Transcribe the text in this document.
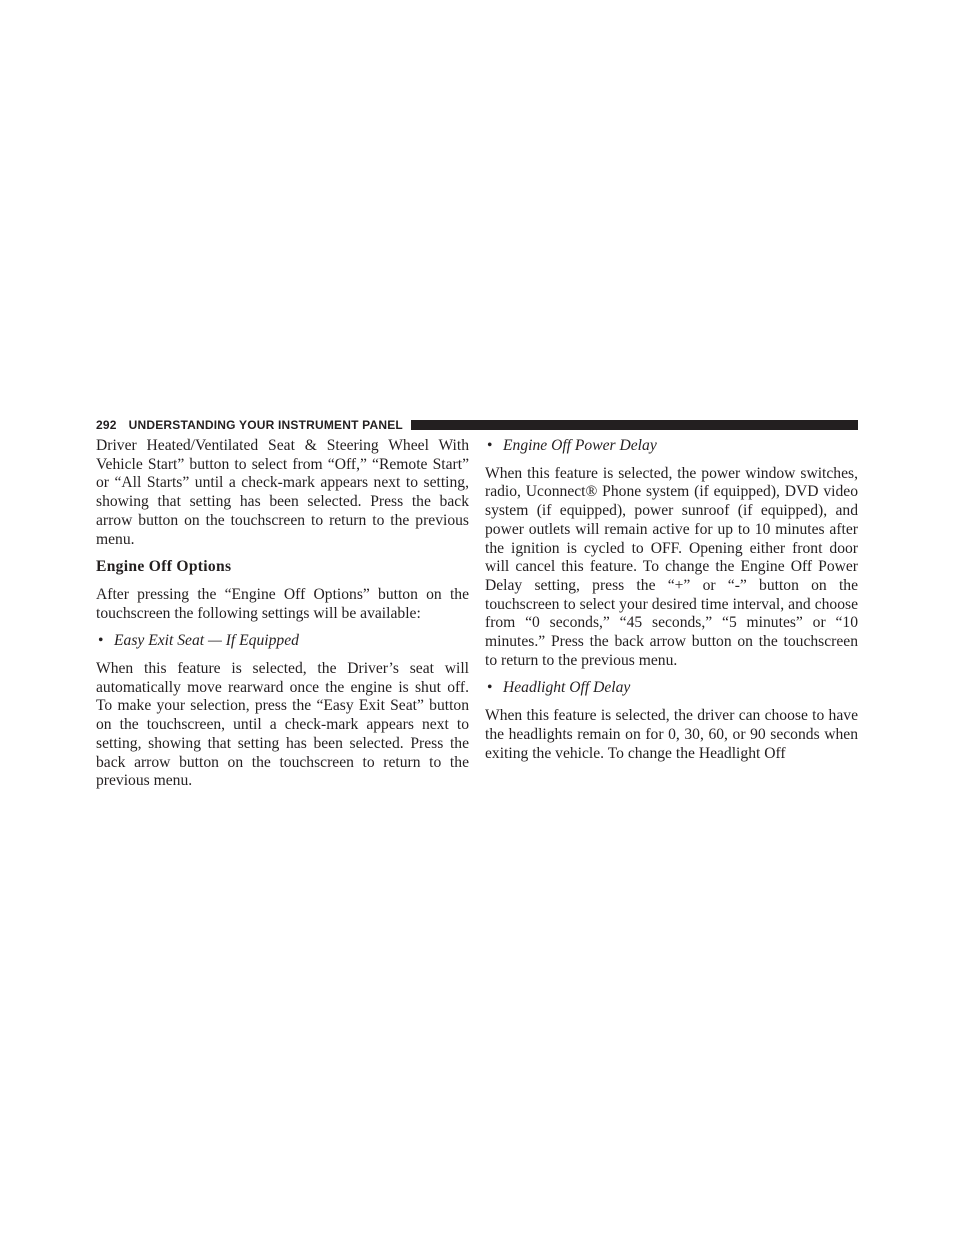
292 UNDERSTANDING YOUR INSTRUMENT PANEL

Driver Heated/Ventilated Seat & Steering Wheel With Vehicle Start” button to select from “Off,” “Remote Start” or “All Starts” until a check-mark appears next to setting, showing that setting has been selected. Press the back arrow button on the touchscreen to return to the previous menu.

Engine Off Options

After pressing the “Engine Off Options” button on the touchscreen the following settings will be available:

• Easy Exit Seat — If Equipped

When this feature is selected, the Driver’s seat will automatically move rearward once the engine is shut off. To make your selection, press the “Easy Exit Seat” button on the touchscreen, until a check-mark appears next to setting, showing that setting has been selected. Press the back arrow button on the touchscreen to return to the previous menu.

• Engine Off Power Delay

When this feature is selected, the power window switches, radio, Uconnect® Phone system (if equipped), DVD video system (if equipped), power sunroof (if equipped), and power outlets will remain active for up to 10 minutes after the ignition is cycled to OFF. Opening either front door will cancel this feature. To change the Engine Off Power Delay setting, press the “+” or “-” button on the touchscreen to select your desired time interval, and choose from “0 seconds,” “45 seconds,” “5 minutes” or “10 minutes.” Press the back arrow button on the touchscreen to return to the previous menu.

• Headlight Off Delay

When this feature is selected, the driver can choose to have the headlights remain on for 0, 30, 60, or 90 seconds when exiting the vehicle. To change the Headlight Off
